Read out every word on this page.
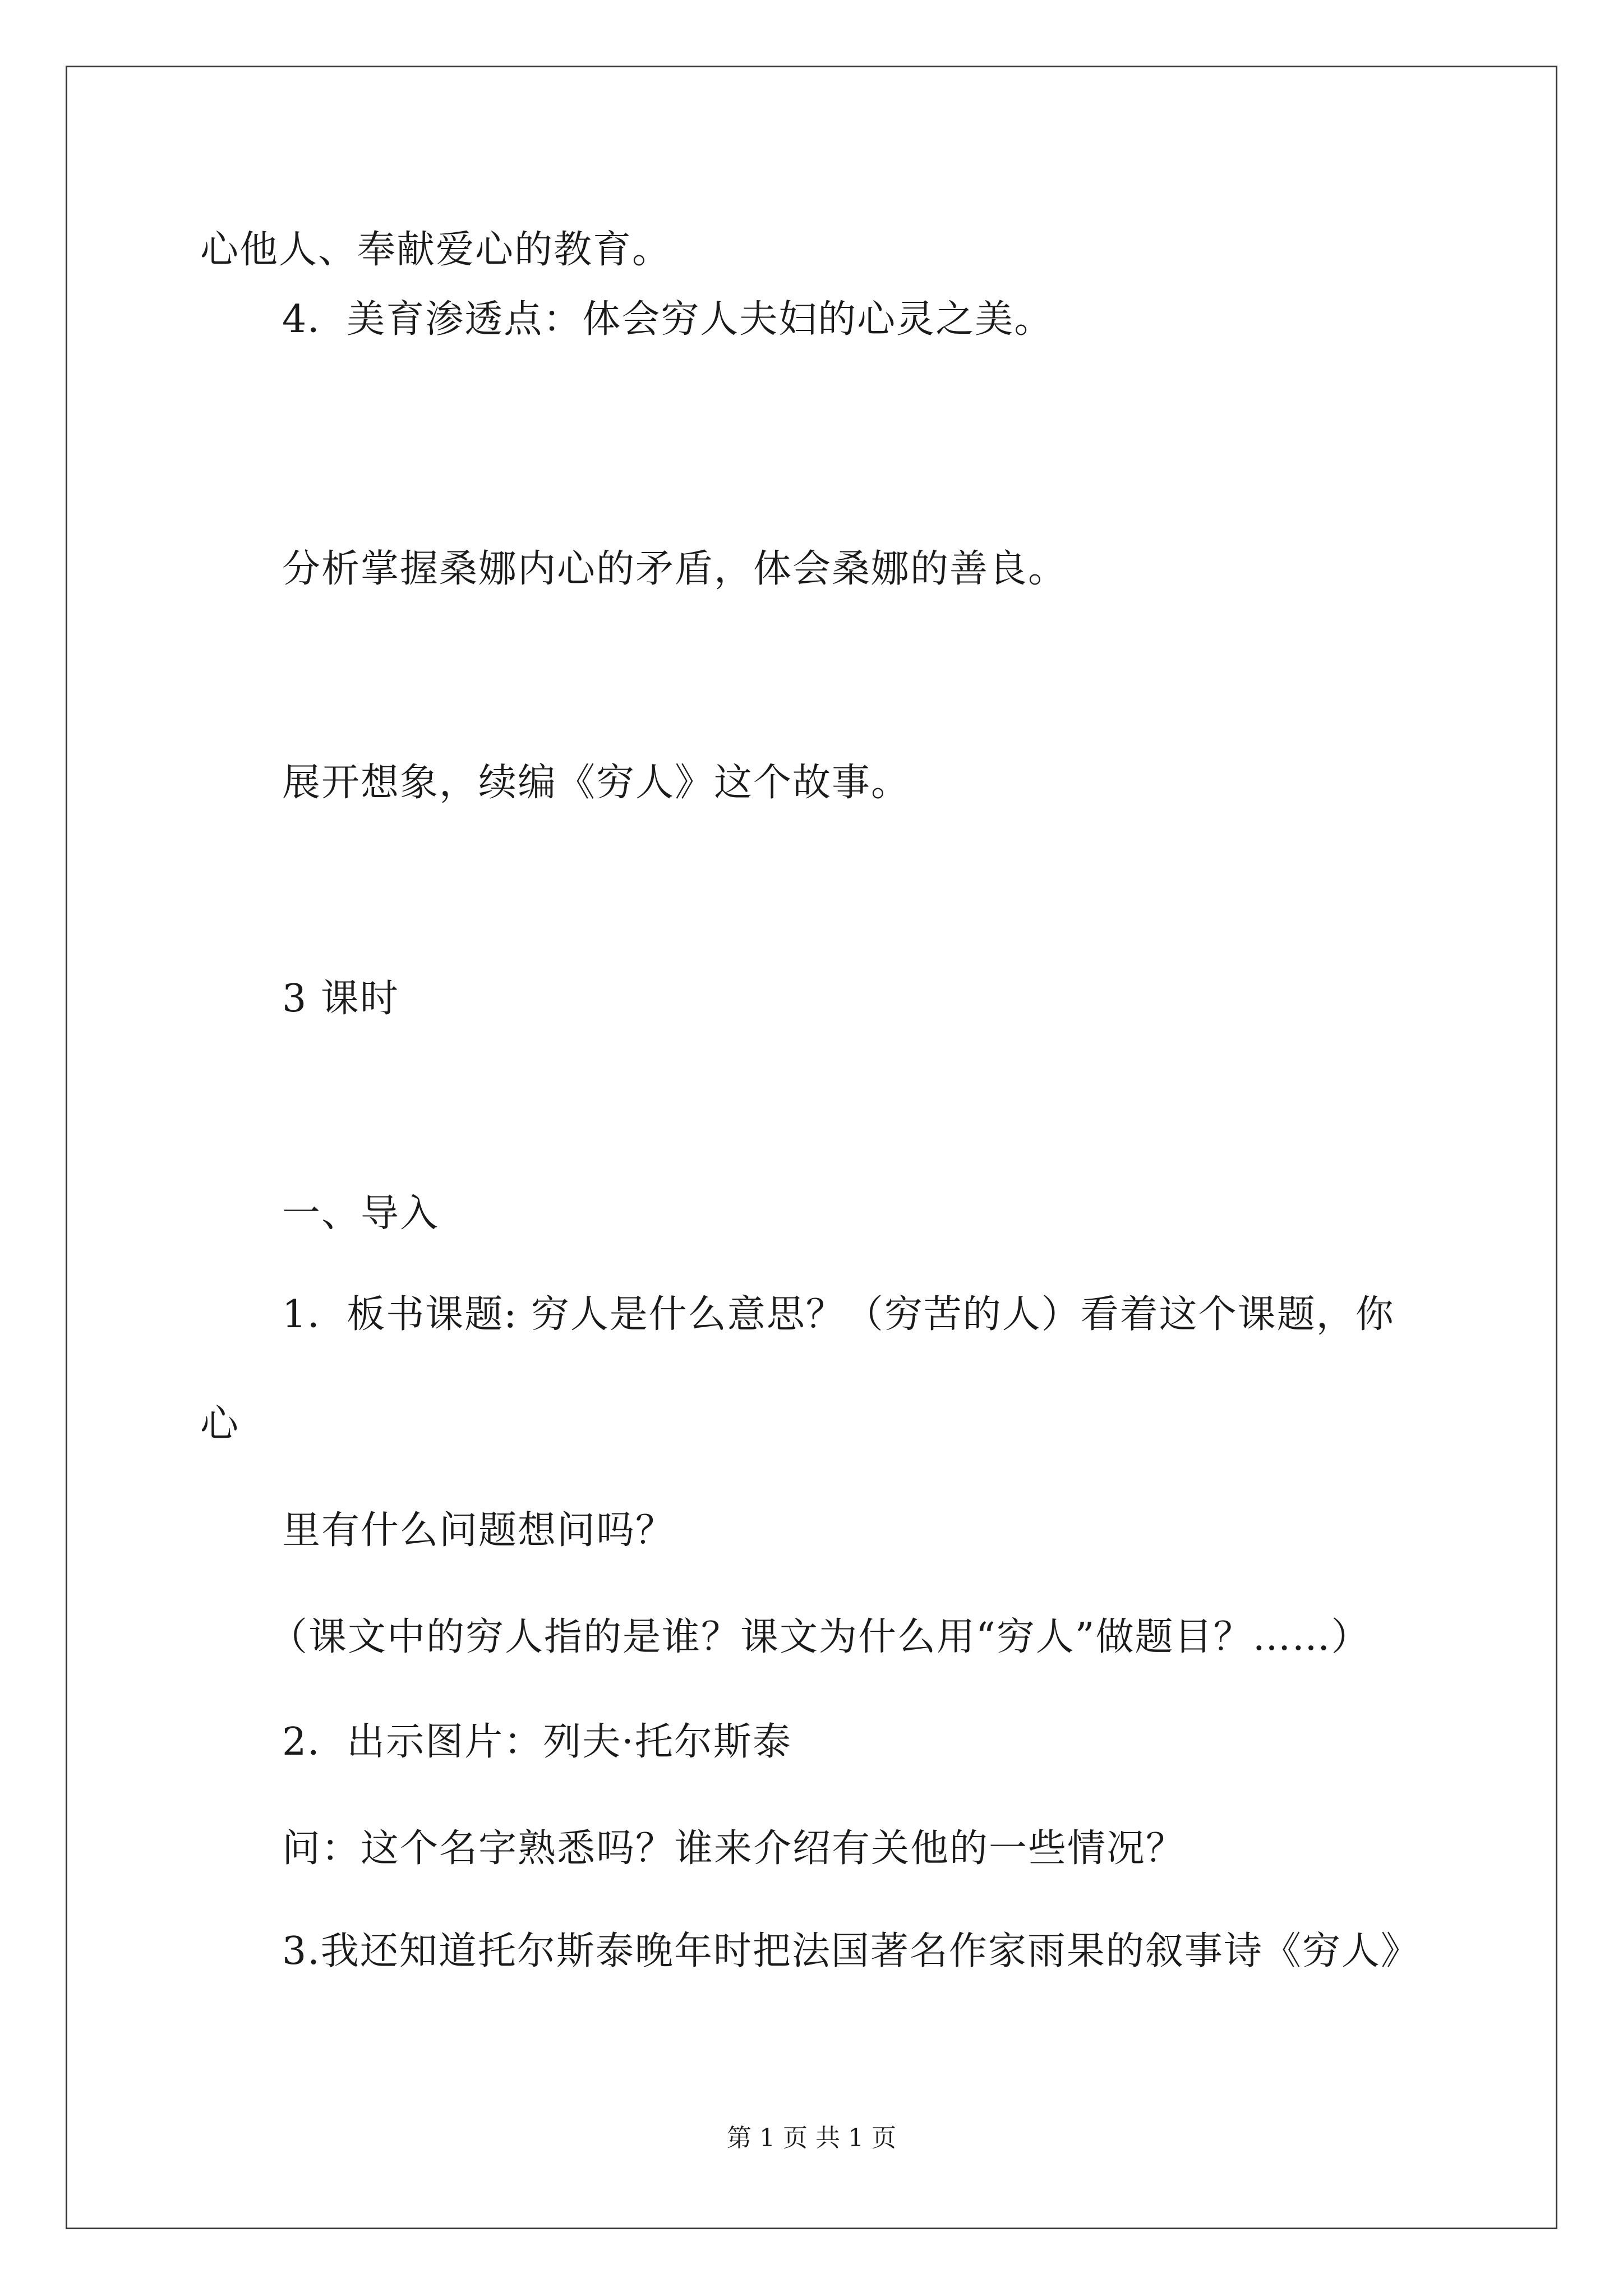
心他人、奉献爱心的教育。
4．美育渗透点：体会穷人夫妇的心灵之美。
分析掌握桑娜内心的矛盾，体会桑娜的善良。
展开想象，续编《穷人》这个故事。
3 课时
一、导入
1．板书课题: 穷人是什么意思？（穷苦的人）看着这个课题，你
心
里有什么问题想问吗？
（课文中的穷人指的是谁？课文为什么用“穷人”做题目？……）
2．出示图片：列夫·托尔斯泰
问：这个名字熟悉吗？谁来介绍有关他的一些情况？
3.我还知道托尔斯泰晚年时把法国著名作家雨果的叙事诗《穷人》
第 1 页 共 1 页
